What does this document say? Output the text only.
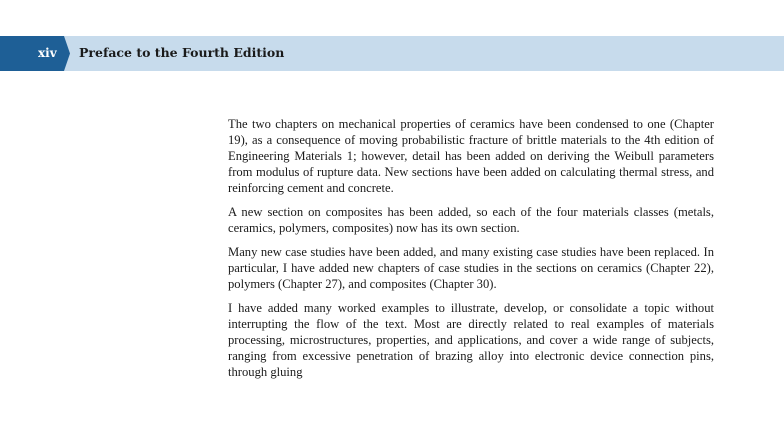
xiv Preface to the Fourth Edition

The two chapters on mechanical properties of ceramics have been condensed to one (Chapter 19), as a consequence of moving probabilistic fracture of brittle materials to the 4th edition of Engineering Materials 1; however, detail has been added on deriving the Weibull parameters from modulus of rupture data. New sections have been added on calculating thermal stress, and reinforcing cement and concrete.

A new section on composites has been added, so each of the four materials classes (metals, ceramics, polymers, composites) now has its own section.

Many new case studies have been added, and many existing case studies have been replaced. In particular, I have added new chapters of case studies in the sections on ceramics (Chapter 22), polymers (Chapter 27), and composites (Chapter 30).

I have added many worked examples to illustrate, develop, or consolidate a topic without interrupting the flow of the text. Most are directly related to real examples of materials processing, microstructures, properties, and applications, and cover a wide range of subjects, ranging from excessive penetration of brazing alloy into electronic device connection pins, through gluing
